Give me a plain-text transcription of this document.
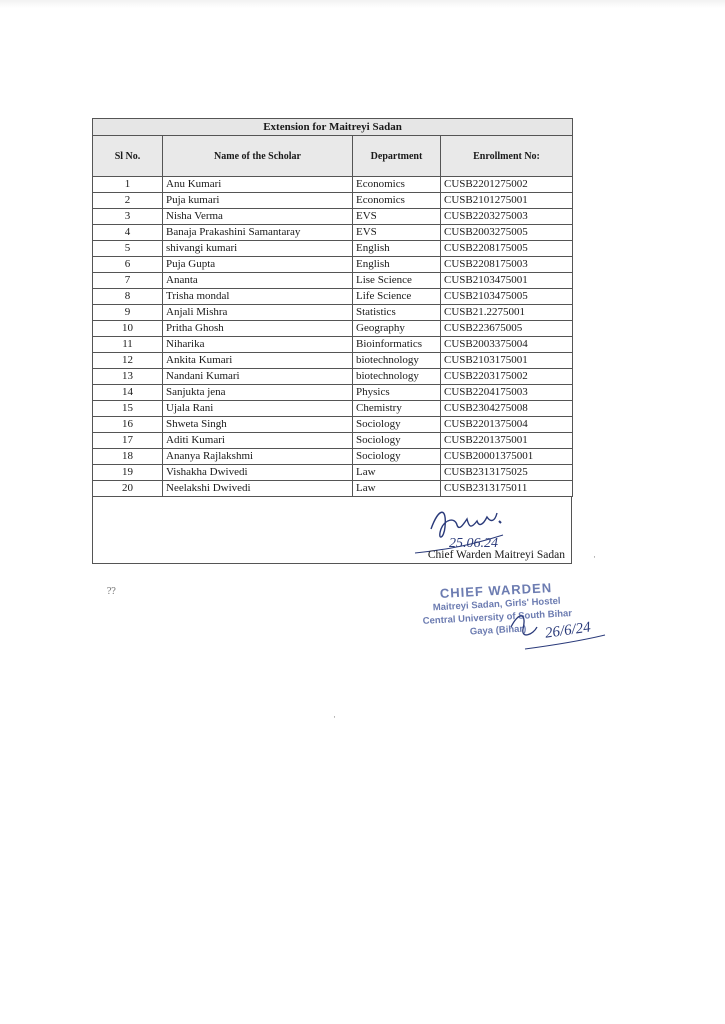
Extension for Maitreyi Sadan			
Sl No.	Name of the Scholar	Department	Enrollment No:
1	Anu Kumari	Economics	CUSB2201275002
2	Puja kumari	Economics	CUSB2101275001
3	Nisha Verma	EVS	CUSB2203275003
4	Banaja Prakashini Samantaray	EVS	CUSB2003275005
5	shivangi kumari	English	CUSB2208175005
6	Puja Gupta	English	CUSB2208175003
7	Ananta	Lise Science	CUSB2103475001
8	Trisha mondal	Life Science	CUSB2103475005
9	Anjali Mishra	Statistics	CUSB21.2275001
10	Pritha Ghosh	Geography	CUSB223675005
11	Niharika	Bioinformatics	CUSB2003375004
12	Ankita Kumari	biotechnology	CUSB2103175001
13	Nandani Kumari	biotechnology	CUSB2203175002
14	Sanjukta jena	Physics	CUSB2204175003
15	Ujala Rani	Chemistry	CUSB2304275008
16	Shweta Singh	Sociology	CUSB2201375004
17	Aditi Kumari	Sociology	CUSB2201375001
18	Ananya Rajlakshmi	Sociology	CUSB20001375001
19	Vishakha Dwivedi	Law	CUSB2313175025
20	Neelakshi Dwivedi	Law	CUSB2313175011
25.06.24
Chief Warden Maitreyi Sadan
CHIEF WARDEN
Maitreyi Sadan, Girls' Hostel
Central University of South Bihar
Gaya (Bihar)	26/6/24
⁇
·
·
